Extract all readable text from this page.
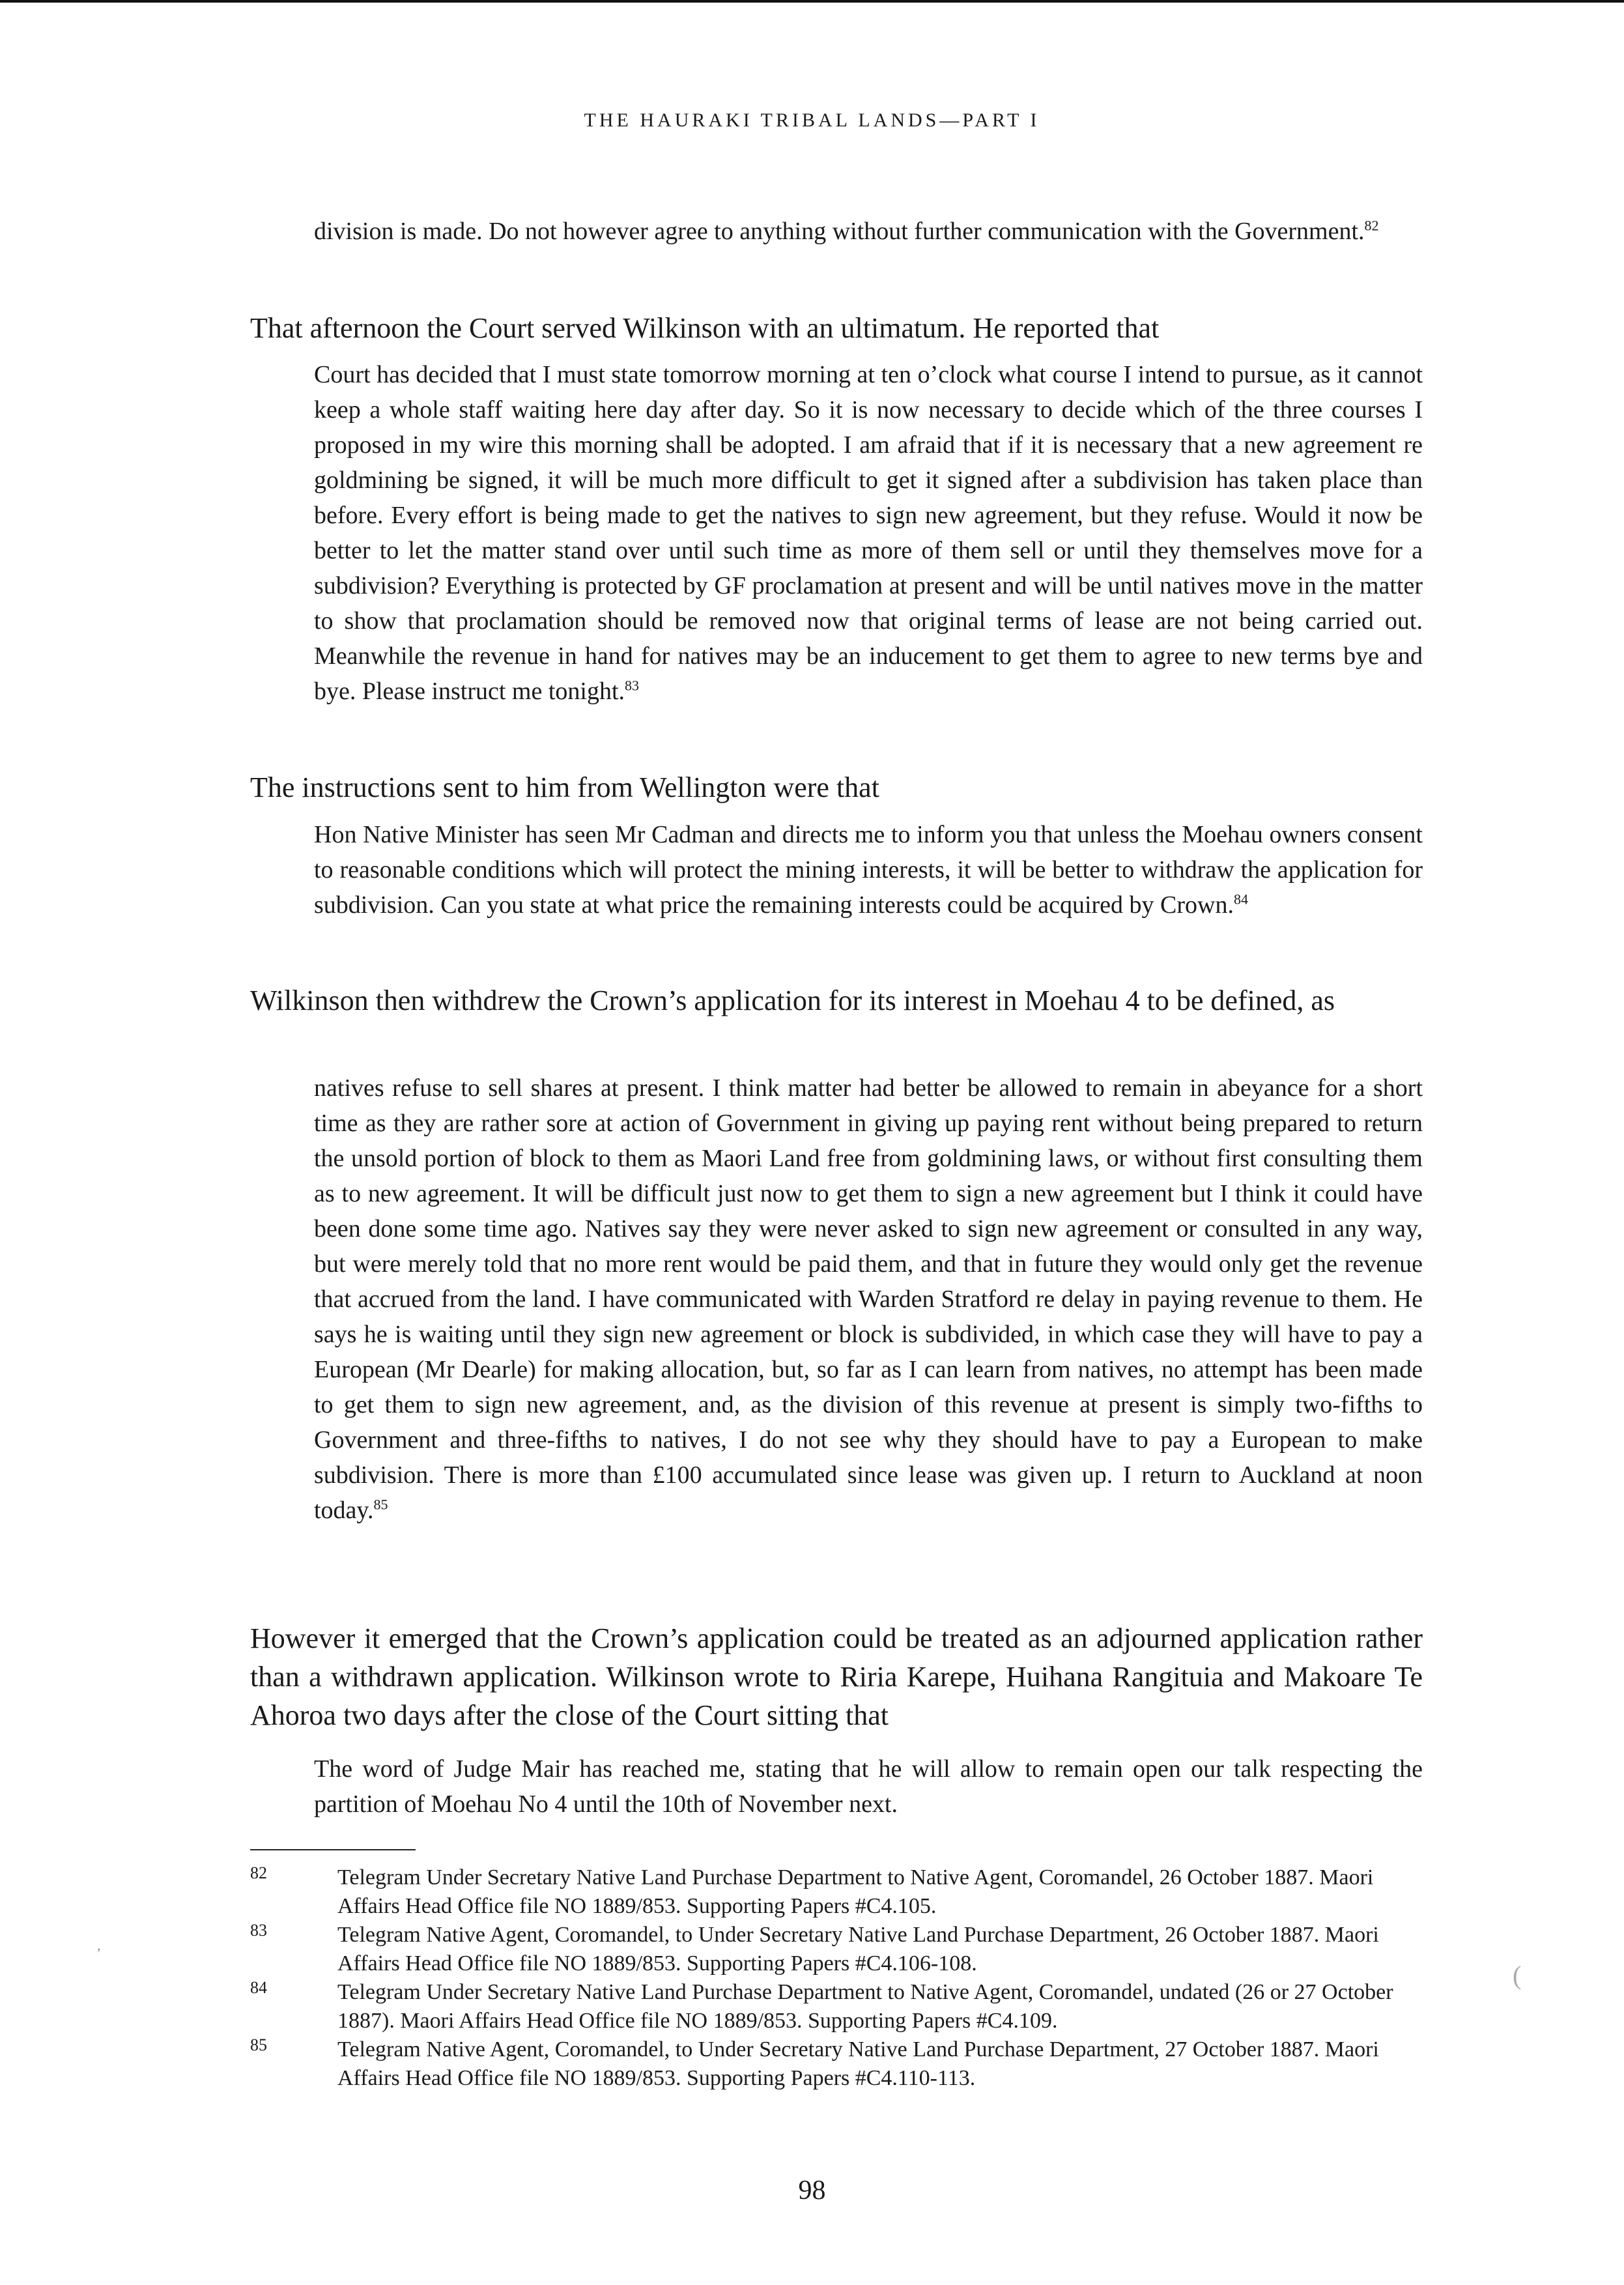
THE HAURAKI TRIBAL LANDS—PART I

division is made. Do not however agree to anything without further communication with the Government.$^{82}$

That afternoon the Court served Wilkinson with an ultimatum. He reported that

Court has decided that I must state tomorrow morning at ten o’clock what course I intend to pursue, as it cannot keep a whole staff waiting here day after day. So it is now necessary to decide which of the three courses I proposed in my wire this morning shall be adopted. I am afraid that if it is necessary that a new agreement re goldmining be signed, it will be much more difficult to get it signed after a subdivision has taken place than before. Every effort is being made to get the natives to sign new agreement, but they refuse. Would it now be better to let the matter stand over until such time as more of them sell or until they themselves move for a subdivision? Everything is protected by GF proclamation at present and will be until natives move in the matter to show that proclamation should be removed now that original terms of lease are not being carried out. Meanwhile the revenue in hand for natives may be an inducement to get them to agree to new terms bye and bye. Please instruct me tonight.$^{83}$

The instructions sent to him from Wellington were that

Hon Native Minister has seen Mr Cadman and directs me to inform you that unless the Moehau owners consent to reasonable conditions which will protect the mining interests, it will be better to withdraw the application for subdivision. Can you state at what price the remaining interests could be acquired by Crown.$^{84}$

Wilkinson then withdrew the Crown’s application for its interest in Moehau 4 to be defined, as

natives refuse to sell shares at present. I think matter had better be allowed to remain in abeyance for a short time as they are rather sore at action of Government in giving up paying rent without being prepared to return the unsold portion of block to them as Maori Land free from goldmining laws, or without first consulting them as to new agreement. It will be difficult just now to get them to sign a new agreement but I think it could have been done some time ago. Natives say they were never asked to sign new agreement or consulted in any way, but were merely told that no more rent would be paid them, and that in future they would only get the revenue that accrued from the land. I have communicated with Warden Stratford re delay in paying revenue to them. He says he is waiting until they sign new agreement or block is subdivided, in which case they will have to pay a European (Mr Dearle) for making allocation, but, so far as I can learn from natives, no attempt has been made to get them to sign new agreement, and, as the division of this revenue at present is simply two-fifths to Government and three-fifths to natives, I do not see why they should have to pay a European to make subdivision. There is more than £100 accumulated since lease was given up. I return to Auckland at noon today.$^{85}$

However it emerged that the Crown’s application could be treated as an adjourned application rather than a withdrawn application. Wilkinson wrote to Riria Karepe, Huihana Rangituia and Makoare Te Ahoroa two days after the close of the Court sitting that

The word of Judge Mair has reached me, stating that he will allow to remain open our talk respecting the partition of Moehau No 4 until the 10th of November next.

82	Telegram Under Secretary Native Land Purchase Department to Native Agent, Coromandel, 26 October 1887. Maori Affairs Head Office file NO 1889/853. Supporting Papers #C4.105.
83	Telegram Native Agent, Coromandel, to Under Secretary Native Land Purchase Department, 26 October 1887. Maori Affairs Head Office file NO 1889/853. Supporting Papers #C4.106-108.
84	Telegram Under Secretary Native Land Purchase Department to Native Agent, Coromandel, undated (26 or 27 October 1887). Maori Affairs Head Office file NO 1889/853. Supporting Papers #C4.109.
85	Telegram Native Agent, Coromandel, to Under Secretary Native Land Purchase Department, 27 October 1887. Maori Affairs Head Office file NO 1889/853. Supporting Papers #C4.110-113.
98
’
(
